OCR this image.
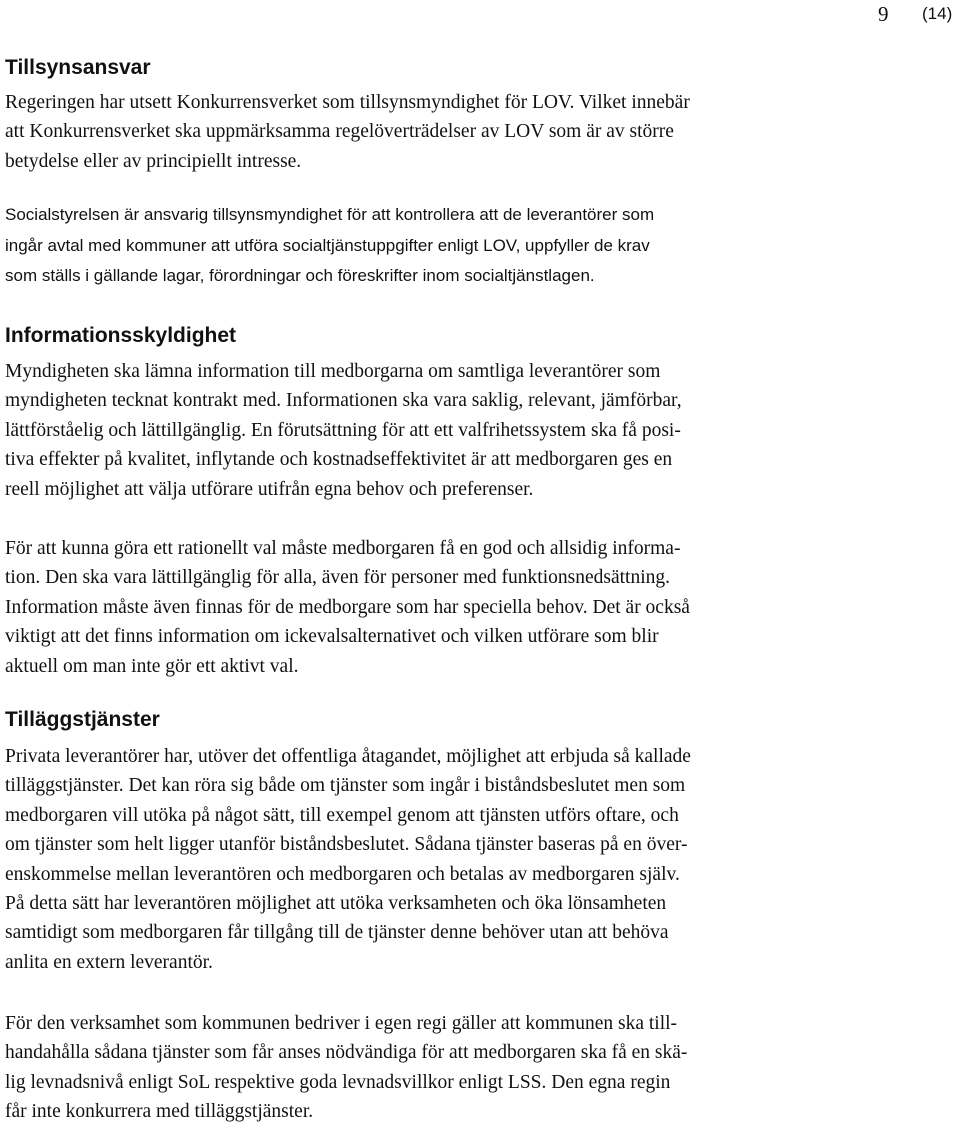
9 (14)
Tillsynsansvar

Regeringen har utsett Konkurrensverket som tillsynsmyndighet för LOV. Vilket innebär
att Konkurrensverket ska uppmärksamma regelöverträdelser av LOV som är av större
betydelse eller av principiellt intresse.

Socialstyrelsen är ansvarig tillsynsmyndighet för att kontrollera att de leverantörer som
ingår avtal med kommuner att utföra socialtjänstuppgifter enligt LOV, uppfyller de krav
som ställs i gällande lagar, förordningar och föreskrifter inom socialtjänstlagen.

Informationsskyldighet

Myndigheten ska lämna information till medborgarna om samtliga leverantörer som
myndigheten tecknat kontrakt med. Informationen ska vara saklig, relevant, jämförbar,
lättförståelig och lättillgänglig. En förutsättning för att ett valfrihetssystem ska få posi-
tiva effekter på kvalitet, inflytande och kostnadseffektivitet är att medborgaren ges en
reell möjlighet att välja utförare utifrån egna behov och preferenser.

För att kunna göra ett rationellt val måste medborgaren få en god och allsidig informa-
tion. Den ska vara lättillgänglig för alla, även för personer med funktionsnedsättning.
Information måste även finnas för de medborgare som har speciella behov. Det är också
viktigt att det finns information om ickevalsalternativet och vilken utförare som blir
aktuell om man inte gör ett aktivt val.

Tilläggstjänster

Privata leverantörer har, utöver det offentliga åtagandet, möjlighet att erbjuda så kallade
tilläggstjänster. Det kan röra sig både om tjänster som ingår i biståndsbeslutet men som
medborgaren vill utöka på något sätt, till exempel genom att tjänsten utförs oftare, och
om tjänster som helt ligger utanför biståndsbeslutet. Sådana tjänster baseras på en över-
enskommelse mellan leverantören och medborgaren och betalas av medborgaren själv.
På detta sätt har leverantören möjlighet att utöka verksamheten och öka lönsamheten
samtidigt som medborgaren får tillgång till de tjänster denne behöver utan att behöva
anlita en extern leverantör.

För den verksamhet som kommunen bedriver i egen regi gäller att kommunen ska till-
handahålla sådana tjänster som får anses nödvändiga för att medborgaren ska få en skä-
lig levnadsnivå enligt SoL respektive goda levnadsvillkor enligt LSS. Den egna regin
får inte konkurrera med tilläggstjänster.
